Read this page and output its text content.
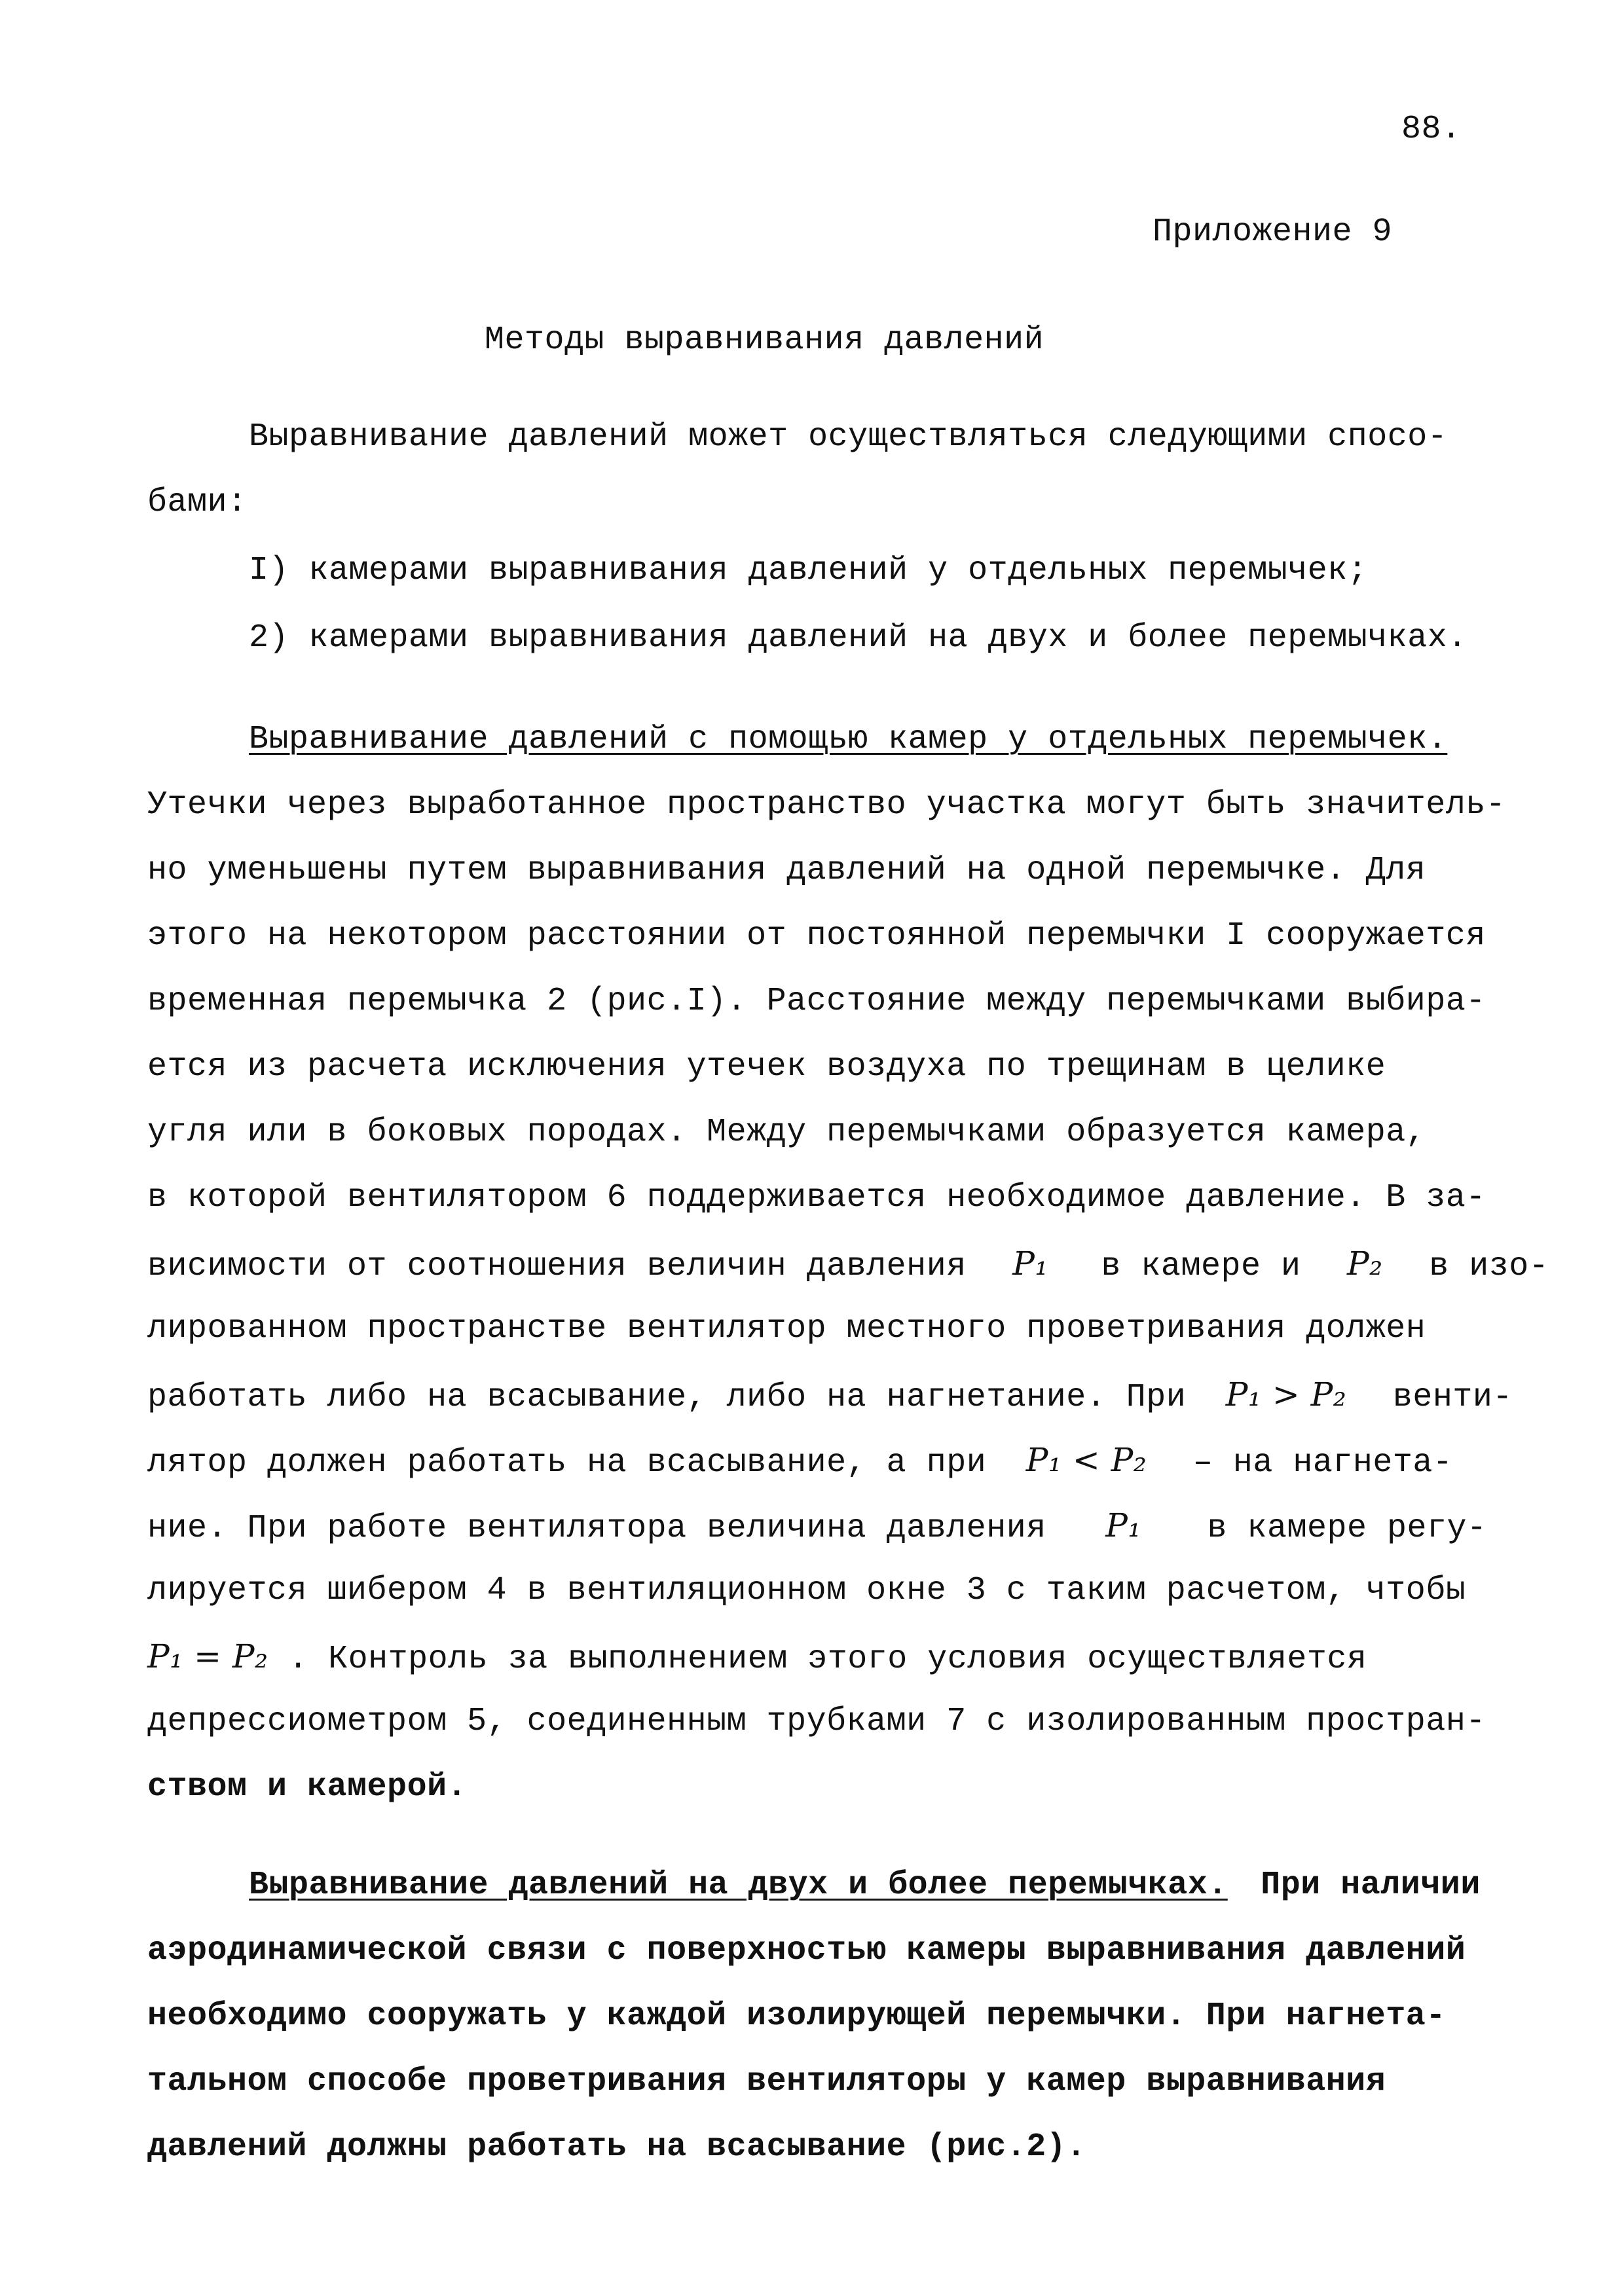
88.
Приложение 9
Методы выравнивания давлений
Выравнивание давлений может осуществляться следующими спосо-
бами:
I) камерами выравнивания давлений у отдельных перемычек;
2) камерами выравнивания давлений на двух и более перемычках.
Выравнивание давлений с помощью камер у отдельных перемычек.
Утечки через выработанное пространство участка могут быть значитель-
но уменьшены путем выравнивания давлений на одной перемычке. Для
этого на некотором расстоянии от постоянной перемычки I сооружается
временная перемычка 2 (рис.I). Расстояние между перемычками выбира-
ется из расчета исключения утечек воздуха по трещинам в целике
угля или в боковых породах. Между перемычками образуется камера,
в которой вентилятором 6 поддерживается необходимое давление. В за-
висимости от соотношения величин давления P₁ в камере и P₂ в изо-
лированном пространстве вентилятор местного проветривания должен
работать либо на всасывание, либо на нагнетание. При P₁ > P₂ венти-
лятор должен работать на всасывание, а при P₁ < P₂ – на нагнета-
ние. При работе вентилятора величина давления P₁ в камере регу-
лируется шибером 4 в вентиляционном окне 3 с таким расчетом, чтобы
P₁ = P₂ . Контроль за выполнением этого условия осуществляется
депрессиометром 5, соединенным трубками 7 с изолированным простран-
ством и камерой.
Выравнивание давлений на двух и более перемычках. При наличии
аэродинамической связи с поверхностью камеры выравнивания давлений
необходимо сооружать у каждой изолирующей перемычки. При нагнета-
тальном способе проветривания вентиляторы у камер выравнивания
давлений должны работать на всасывание (рис.2).
